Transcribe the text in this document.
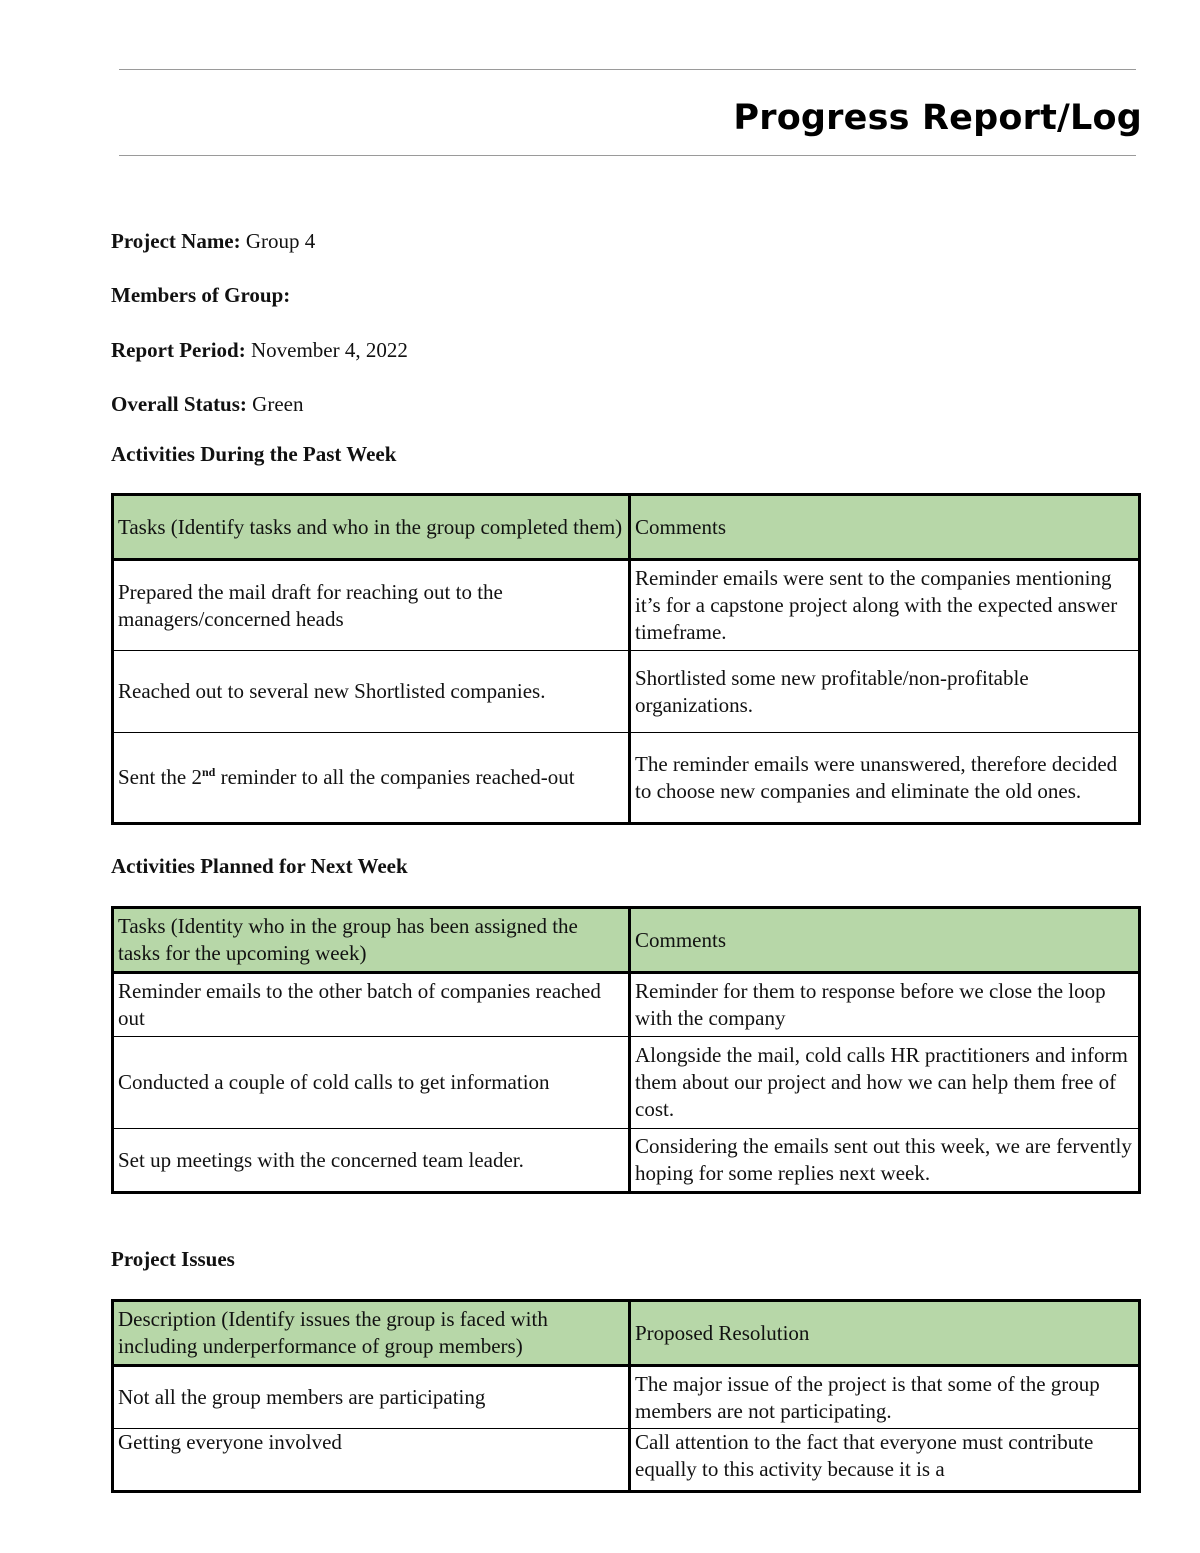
Progress Report/Log
Project Name: Group 4
Members of Group:
Report Period: November 4, 2022
Overall Status: Green
Activities During the Past Week
Tasks (Identify tasks and who in the group completed them)	Comments
Prepared the mail draft for reaching out to the managers/concerned heads	Reminder emails were sent to the companies mentioning it’s for a capstone project along with the expected answer timeframe.
Reached out to several new Shortlisted companies.	Shortlisted some new profitable/non-profitable organizations.
Sent the 2nd reminder to all the companies reached-out	The reminder emails were unanswered, therefore decided to choose new companies and eliminate the old ones.
Activities Planned for Next Week
Tasks (Identity who in the group has been assigned the tasks for the upcoming week)	Comments
Reminder emails to the other batch of companies reached out	Reminder for them to response before we close the loop with the company
Conducted a couple of cold calls to get information	Alongside the mail, cold calls HR practitioners and inform them about our project and how we can help them free of cost.
Set up meetings with the concerned team leader.	Considering the emails sent out this week, we are fervently hoping for some replies next week.
Project Issues
Description (Identify issues the group is faced with including underperformance of group members)	Proposed Resolution
Not all the group members are participating	The major issue of the project is that some of the group members are not participating.
Getting everyone involved	Call attention to the fact that everyone must contribute equally to this activity because it is a
